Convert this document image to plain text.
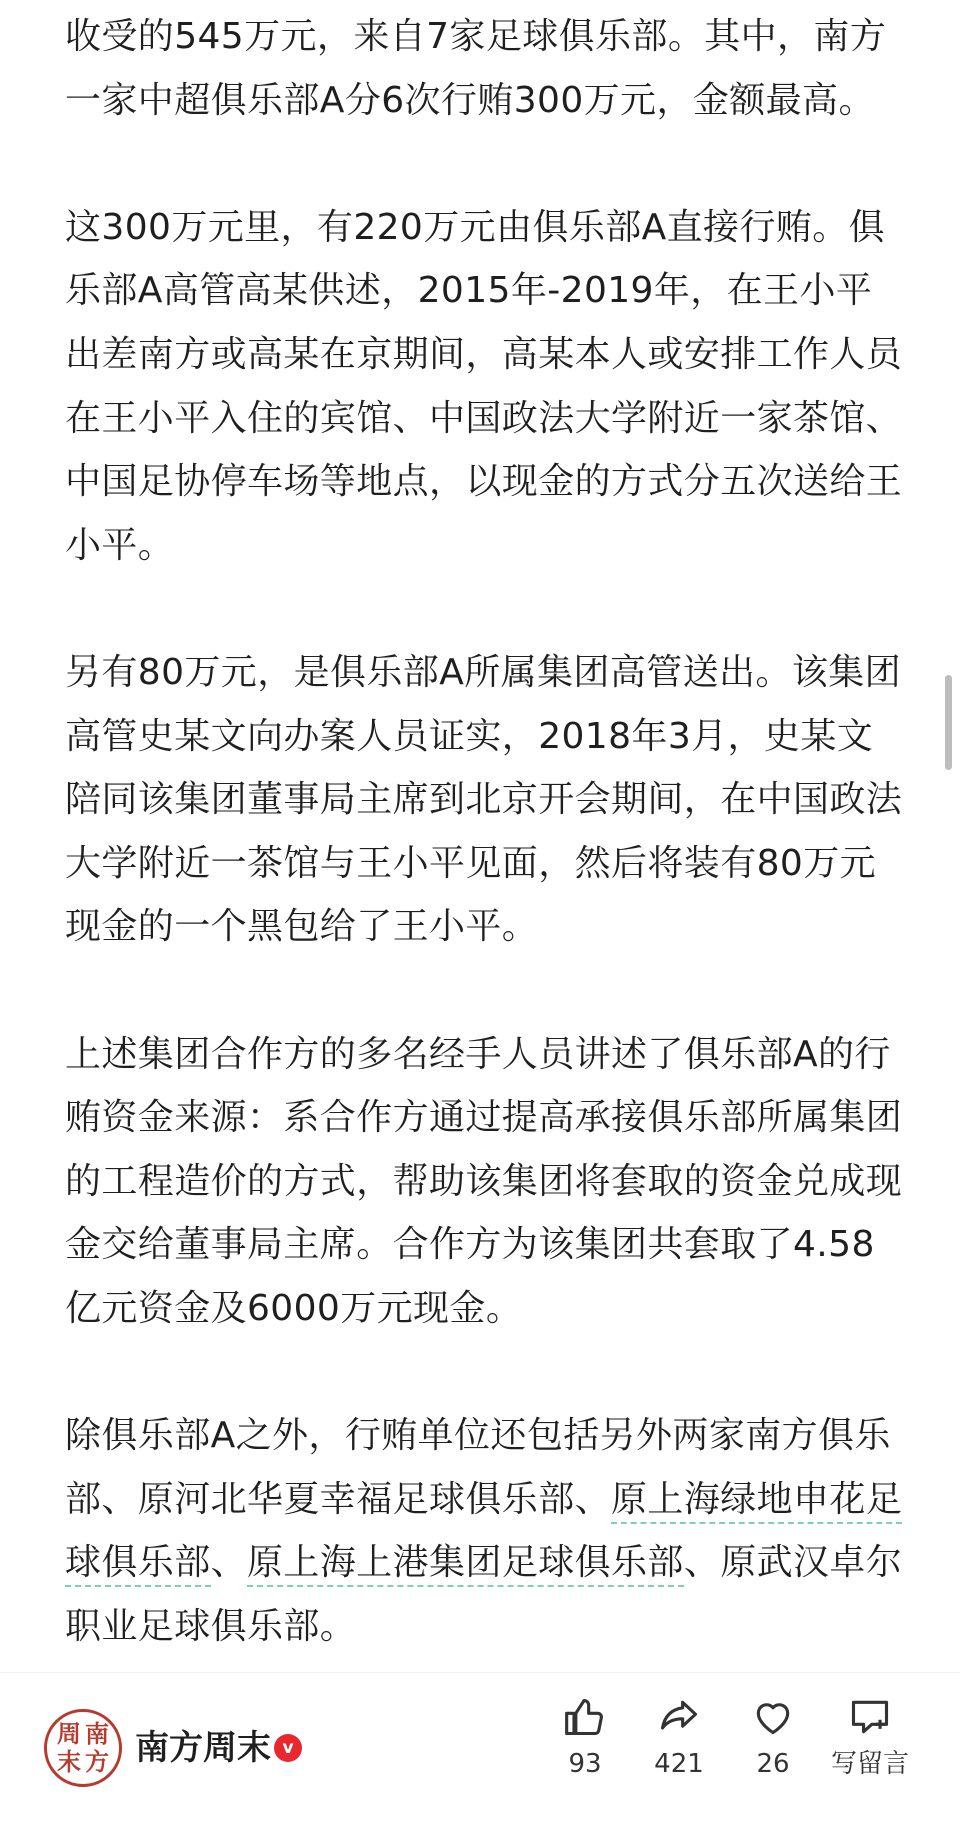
收受的545万元，来自7家足球俱乐部。其中，南方一家中超俱乐部A分6次行贿300万元，金额最高。

这300万元里，有220万元由俱乐部A直接行贿。俱乐部A高管高某供述，2015年-2019年，在王小平出差南方或高某在京期间，高某本人或安排工作人员在王小平入住的宾馆、中国政法大学附近一家茶馆、中国足协停车场等地点，以现金的方式分五次送给王小平。

另有80万元，是俱乐部A所属集团高管送出。该集团高管史某文向办案人员证实，2018年3月，史某文陪同该集团董事局主席到北京开会期间，在中国政法大学附近一茶馆与王小平见面，然后将装有80万元现金的一个黑包给了王小平。

上述集团合作方的多名经手人员讲述了俱乐部A的行贿资金来源：系合作方通过提高承接俱乐部所属集团的工程造价的方式，帮助该集团将套取的资金兑成现金交给董事局主席。合作方为该集团共套取了4.58亿元资金及6000万元现金。

除俱乐部A之外，行贿单位还包括另外两家南方俱乐部、原河北华夏幸福足球俱乐部、原上海绿地申花足球俱乐部、原上海上港集团足球俱乐部、原武汉卓尔职业足球俱乐部。

周 南
末 方 南方周末 v
93	421	26	写留言
